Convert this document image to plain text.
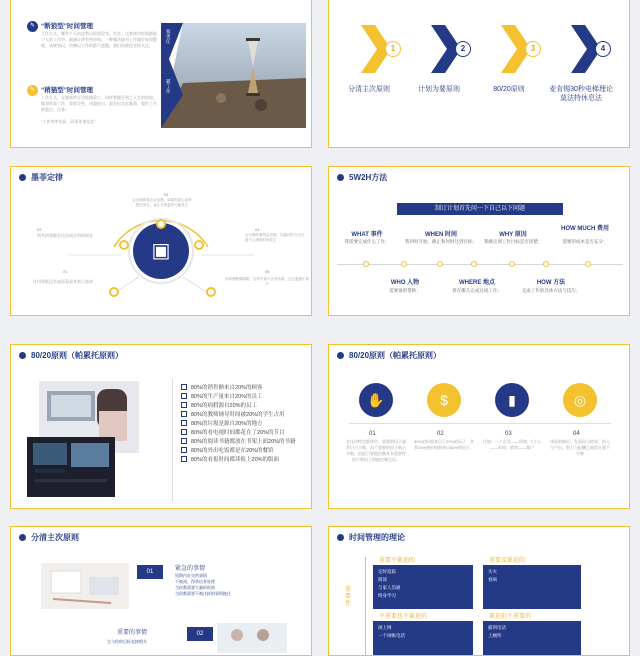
✎ “断狼型”时间管理
工作方式、哪些个人的趋势以时间没有。经在、这套使用时间都能个人的工作中、新通计费有些时间，一种做法能对工作做好时间整理。该规划以，仿佛以工作时都不遗漏，我们向着优先级关注。
✎ “稍猫型”时间管理
工作方式，在越来的方法能做事工、同样掌握至到之人生的时间。做事的事工作、事掌至些、用最终日、最有出实际做事、做好工作的重点、任务。
“工作效率更高、同事更加信任”
狼类任
猫工作
1	2	3	4
分清主次原则	计划为要原则	80/20原则	麦肯锡30秒电梯理论
莫法特休息法
墨菲定律
▣
03
会出错的事总会出错，如果你担心某种情况发生，那么它就更有可能发生
02
所有的事都会比你预计的时间长
04
会出错的事终会出错，以最坏的方式在最不合适的时间发生
01
任何事都没有表面看起来那么简单
05
别试图教猫唱歌，这样不但不会有结果，还会惹猫不高兴
5W2H方法
制订计划首先问一下自己以下问题
WHAT 事件
我需要完成什么工作；
WHEN 时间
我何时开始、截止和何时达到目标；
WHY 原因
我做这项工作目标是否清楚；
HOW MUCH 费用
需要的成本是否充分；
WHO 人物
需要谁的帮助；
WHERE 地点
将在哪儿完成这项工作；
HOW 方法
完成工作的具体方法与技巧；
80/20原则（帕累托原则）
80%的销售额来自20%的顾客
80%的生产量来自20%的员工
80%的病假源自20%的员工
80%的教师辅导时间被20%的学生占用
80%的垃圾是源自20%的地方
80%的看电视时间都花在了20%的节目
80%的阅读书籍都放在书架上面20%的书籍
80%的外出吃饭都是在20%的餐馆
80%的看报时间都读报上20%的版面
80/20原则（帕累托原则）
✋	$	▮	◎
01
在任何特定群体中，重要的因子通常只占少数，而不重要的因子则占多数，因此只要能控制具有重要性的少数因子即能控制全局。
02
80%的价值来自于20%的因子，其余20%的价值则来自80%的因子。
03
比如：一个企业——绩效；1个人——时间；销售——客户
04
该原则指出：在原因与结果、投入与产出、努力与报酬之间存在着不平衡
分清主次原则
01	紧急的事情
短期内办完的事情
不被预、得拿出来处理
当你都需要大量的时间
当你都需要不被这样的事情拖住
重要的事情	02
它与你的目标直接相关
时间管理的理论
重要性
重要不紧迫的
定时追踪
阅读
与家人沟通
终身学习
重要及紧迫的
失火
看病
不重要也不紧迫的
闲上网
一个闲帐电话
紧迫但不重要的
捕到电话
上厕所
